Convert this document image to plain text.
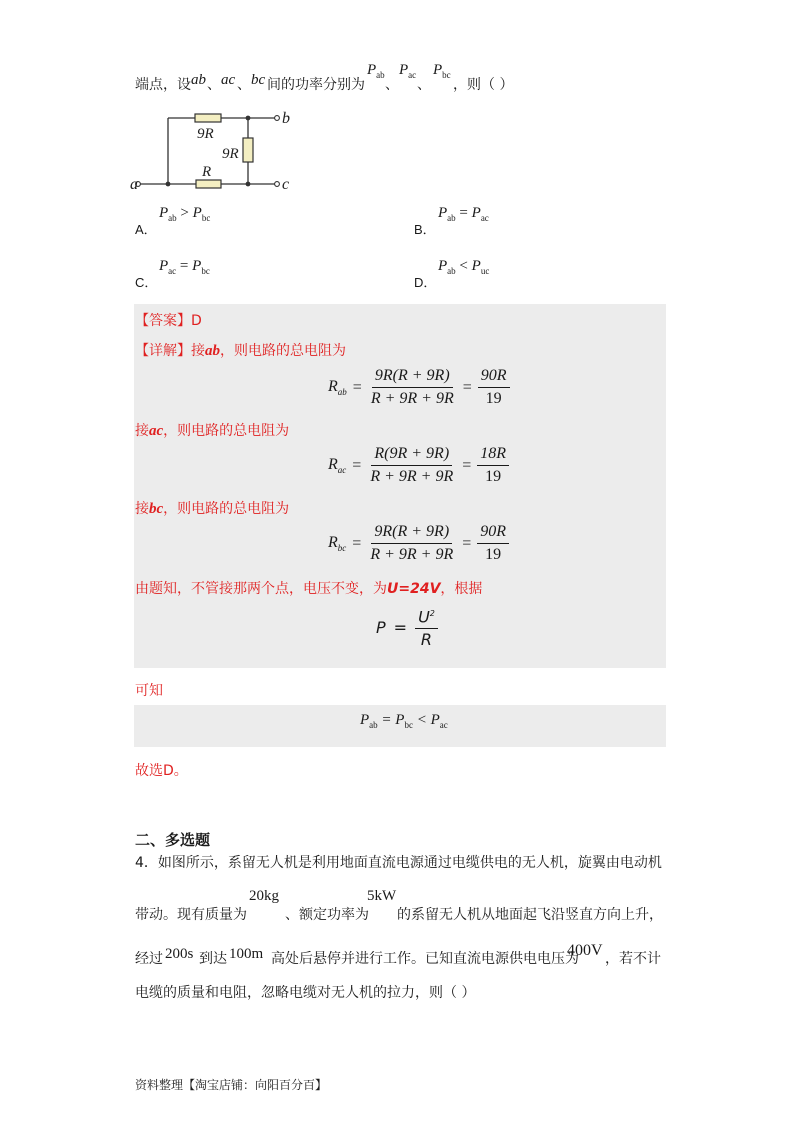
端点，设 ab 、 ac 、 bc 间的功率分别为
$P_{ab}$
、
$P_{ac}$
、
$P_{bc}$
，则（ ）
9R
9R
R
a
b
c
A．
$P_{ab} > P_{bc}$
B．
$P_{ab} = P_{ac}$
C．
$P_{ac} = P_{bc}$
D．
$P_{ab} < P_{uc}$
【答案】D
【详解】接ab，则电路的总电阻为
$R_{ab} = \frac{9R(R + 9R)}{R + 9R + 9R} = \frac{90R}{19}$
接ac，则电路的总电阻为
$R_{ac} = \frac{R(9R + 9R)}{R + 9R + 9R} = \frac{18R}{19}$
接bc，则电路的总电阻为
$R_{bc} = \frac{9R(R + 9R)}{R + 9R + 9R} = \frac{90R}{19}$
由题知，不管接那两个点，电压不变，为U=24V，根据
$P = \frac{U^2}{R}$
可知
$P_{ab} = P_{bc} < P_{ac}$
故选D。
二、多选题
4．如图所示，系留无人机是利用地面直流电源通过电缆供电的无人机，旋翼由电动机
带动。现有质量为
20kg
、额定功率为
5kW
的系留无人机从地面起飞沿竖直方向上升，
经过 200s 到达 100m 高处后悬停并进行工作。已知直流电源供电电压为
400V ，若不计
电缆的质量和电阻，忽略电缆对无人机的拉力，则（ ）
资料整理【淘宝店铺：向阳百分百】
